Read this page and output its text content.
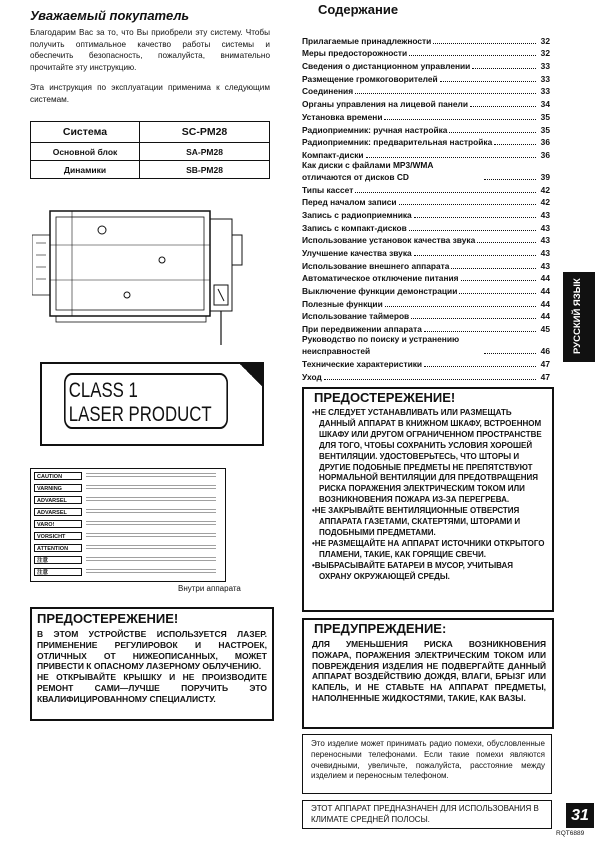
Уважаемый покупатель

Благодарим Вас за то, что Вы приобрели эту систему. Чтобы получить оптимальное качество работы системы и обеспечить безопасность, пожалуйста, внимательно прочитайте эту инструкцию.

Эта инструкция по эксплуатации применима к следующим системам.

Система	SC-PM28
Основной блок	SA-PM28
Динамики	SB-PM28
CLASS 1
LASER PRODUCT
CAUTION
VARNING
ADVARSEL
ADVARSEL
VARO!
VORSICHT
ATTENTION
注意
注意
Внутри аппарата
ПРЕДОСТЕРЕЖЕНИЕ!

В ЭТОМ УСТРОЙСТВЕ ИСПОЛЬЗУЕТСЯ ЛАЗЕР. ПРИМЕНЕНИЕ РЕГУЛИРОВОК И НАСТРОЕК, ОТЛИЧНЫХ ОТ НИЖЕОПИСАННЫХ, МОЖЕТ ПРИВЕСТИ К ОПАСНОМУ ЛАЗЕРНОМУ ОБЛУЧЕНИЮ.

НЕ ОТКРЫВАЙТЕ КРЫШКУ И НЕ ПРОИЗВОДИТЕ РЕМОНТ САМИ—ЛУЧШЕ ПОРУЧИТЬ ЭТО КВАЛИФИЦИРОВАННОМУ СПЕЦИАЛИСТУ.

Содержание
Прилагаемые принадлежности	32
Меры предосторожности	32
Сведения о дистанционном управлении	33
Размещение громкоговорителей	33
Соединения	33
Органы управления на лицевой панели	34
Установка времени	35
Радиоприемник: ручная настройка	35
Радиоприемник: предварительная настройка	36
Компакт-диски	36
Как диски с файлами MP3/WMA отличаются от дисков CD	39
Типы кассет	42
Перед началом записи	42
Запись с радиоприемника	43
Запись с компакт-дисков	43
Использование установок качества звука	43
Улучшение качества звука	43
Использование внешнего аппарата	43
Автоматическое отключение питания	44
Выключение функции демонстрации	44
Полезные функции	44
Использование таймеров	44
При передвижении аппарата	45
Руководство по поиску и устранению неисправностей	46
Технические характеристики	47
Уход	47
ПРЕДОСТЕРЕЖЕНИЕ!

•НЕ СЛЕДУЕТ УСТАНАВЛИВАТЬ ИЛИ РАЗМЕЩАТЬ ДАННЫЙ АППАРАТ В КНИЖНОМ ШКАФУ, ВСТРОЕННОМ ШКАФУ ИЛИ ДРУГОМ ОГРАНИЧЕННОМ ПРОСТРАНСТВЕ ДЛЯ ТОГО, ЧТОБЫ СОХРАНИТЬ УСЛОВИЯ ХОРОШЕЙ ВЕНТИЛЯЦИИ. УДОСТОВЕРЬТЕСЬ, ЧТО ШТОРЫ И ДРУГИЕ ПОДОБНЫЕ ПРЕДМЕТЫ НЕ ПРЕПЯТСТВУЮТ НОРМАЛЬНОЙ ВЕНТИЛЯЦИИ ДЛЯ ПРЕДОТВРАЩЕНИЯ РИСКА ПОРАЖЕНИЯ ЭЛЕКТРИЧЕСКИМ ТОКОМ ИЛИ ВОЗНИКНОВЕНИЯ ПОЖАРА ИЗ-ЗА ПЕРЕГРЕВА.

•НЕ ЗАКРЫВАЙТЕ ВЕНТИЛЯЦИОННЫЕ ОТВЕРСТИЯ АППАРАТА ГАЗЕТАМИ, СКАТЕРТЯМИ, ШТОРАМИ И ПОДОБНЫМИ ПРЕДМЕТАМИ.

•НЕ РАЗМЕЩАЙТЕ НА АППАРАТ ИСТОЧНИКИ ОТКРЫТОГО ПЛАМЕНИ, ТАКИЕ, КАК ГОРЯЩИЕ СВЕЧИ.

•ВЫБРАСЫВАЙТЕ БАТАРЕИ В МУСОР, УЧИТЫВАЯ ОХРАНУ ОКРУЖАЮЩЕЙ СРЕДЫ.

ПРЕДУПРЕЖДЕНИЕ:
ДЛЯ УМЕНЬШЕНИЯ РИСКА ВОЗНИКНОВЕНИЯ ПОЖАРА, ПОРАЖЕНИЯ ЭЛЕКТРИЧЕСКИМ ТОКОМ ИЛИ ПОВРЕЖДЕНИЯ ИЗДЕЛИЯ НЕ ПОДВЕРГАЙТЕ ДАННЫЙ АППАРАТ ВОЗДЕЙСТВИЮ ДОЖДЯ, ВЛАГИ, БРЫЗГ ИЛИ КАПЕЛЬ, И НЕ СТАВЬТЕ НА АППАРАТ ПРЕДМЕТЫ, НАПОЛНЕННЫЕ ЖИДКОСТЯМИ, ТАКИЕ, КАК ВАЗЫ.
Это изделие может принимать радио помехи, обусловленные переносными телефонами. Если такие помехи являются очевидными, увеличьте, пожалуйста, расстояние между изделием и переносным телефоном.
ЭТОТ АППАРАТ ПРЕДНАЗНАЧЕН ДЛЯ ИСПОЛЬЗОВАНИЯ В КЛИМАТЕ СРЕДНЕЙ ПОЛОСЫ.
РУССКИЙ ЯЗЫК
31
RQT6889
